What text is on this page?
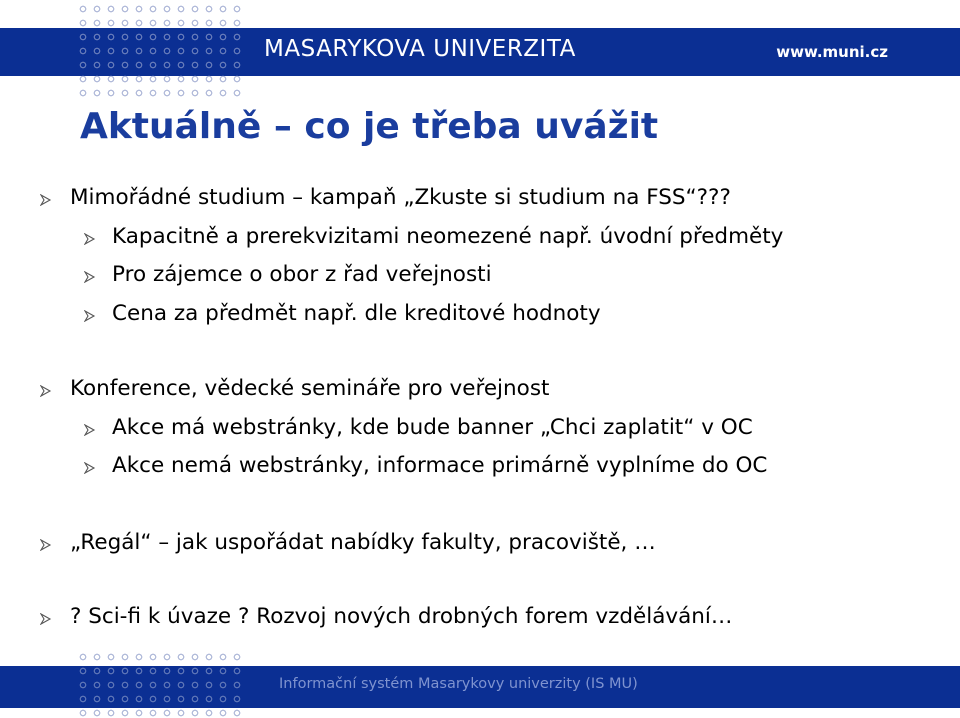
MASARYKOVA UNIVERZITA	www.muni.cz
Aktuálně – co je třeba uvážit
Mimořádné studium – kampaň „Zkuste si studium na FSS“???
Kapacitně a prerekvizitami neomezené např. úvodní předměty
Pro zájemce o obor z řad veřejnosti
Cena za předmět např. dle kreditové hodnoty
Konference, vědecké semináře pro veřejnost
Akce má webstránky, kde bude banner „Chci zaplatit“ v OC
Akce nemá webstránky, informace primárně vyplníme do OC
„Regál“ – jak uspořádat nabídky fakulty, pracoviště, …
? Sci-fi k úvaze ? Rozvoj nových drobných forem vzdělávání…
Informační systém Masarykovy univerzity (IS MU)
